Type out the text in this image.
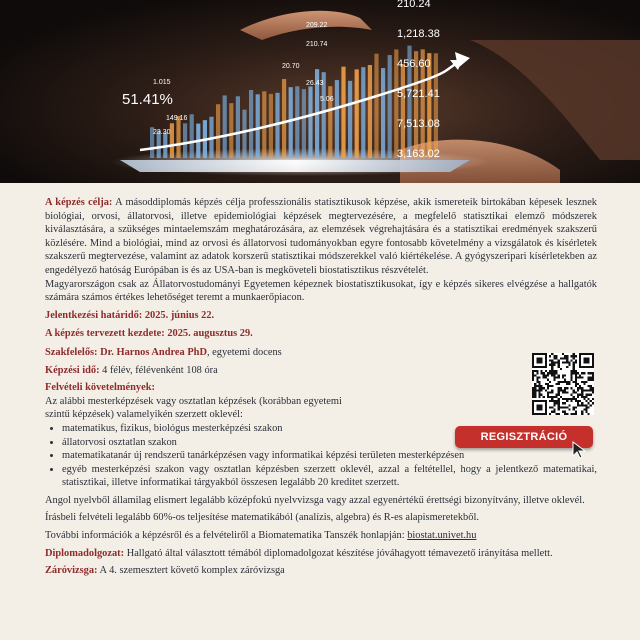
51.41%
1.015
149.16
23.30
209.22
210.74
20.70
26.43
5.06
210.24
1,218.38
456.60
5,721.41
7,513.08
3,163.02

A képzés célja: A másoddiplomás képzés célja professzionális statisztikusok képzése, akik ismereteik birtokában képesek lesznek biológiai, orvosi, állatorvosi, illetve epidemiológiai képzések megtervezésére, a megfelelő statisztikai elemző módszerek kiválasztására, a szükséges mintaelemszám meghatározására, az elemzések végrehajtására és a statisztikai eredmények szakszerű közlésére. Mind a biológiai, mind az orvosi és állatorvosi tudományokban egyre fontosabb követelmény a vizsgálatok és kísérletek szakszerű megtervezése, valamint az adatok korszerű statisztikai módszerekkel való kiértékelése. A gyógyszeripari kísérletekben az engedélyező hatóság Európában is és az USA-ban is megköveteli biostatisztikus részvételét.

Magyarországon csak az Állatorvostudományi Egyetemen képeznek biostatisztikusokat, így e képzés sikeres elvégzése a hallgatók számára számos értékes lehetőséget teremt a munkaerőpiacon.

Jelentkezési határidő: 2025. június 22.
A képzés tervezett kezdete: 2025. augusztus 29.
Szakfelelős: Dr. Harnos Andrea PhD, egyetemi docens
Képzési idő: 4 félév, félévenként 108 óra
Felvételi követelmények:

Az alábbi mesterképzések vagy osztatlan képzések (korábban egyetemi szintű képzések) valamelyikén szerzett oklevél:

• matematikus, fizikus, biológus mesterképzési szakon
• állatorvosi osztatlan szakon
• matematikatanár új rendszerű tanárképzésen vagy informatikai képzési területen mesterképzésen
• egyéb mesterképzési szakon vagy osztatlan képzésben szerzett oklevél, azzal a feltétellel, hogy a jelentkező matematikai, statisztikai, illetve informatikai tárgyakból összesen legalább 20 kreditet szerzett.

Angol nyelvből államilag elismert legalább középfokú nyelvvizsga vagy azzal egyenértékű érettségi bizonyítvány, illetve oklevél.

Írásbeli felvételi legalább 60%-os teljesítése matematikából (analízis, algebra) és R-es alapismeretekből.

További információk a képzésről és a felvételiről a Biomatematika Tanszék honlapján: biostat.univet.hu

Diplomadolgozat: Hallgató által választott témából diplomadolgozat készítése jóváhagyott témavezető irányítása mellett.

Záróvizsga: A 4. szemesztert követő komplex záróvizsga

REGISZTRÁCIÓ
